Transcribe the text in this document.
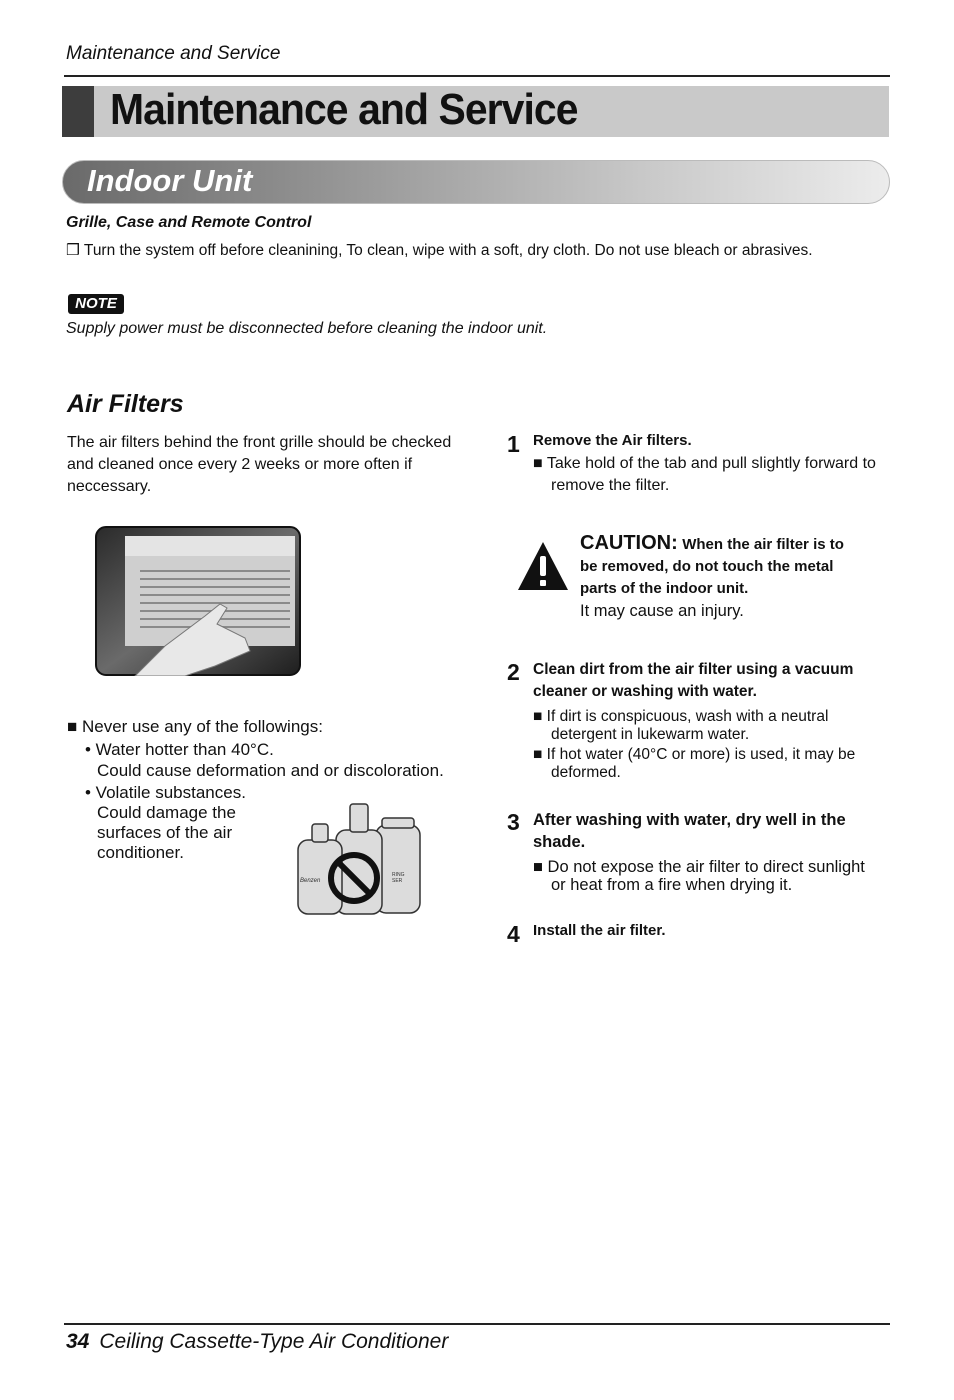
Maintenance and Service
Maintenance and Service
Indoor Unit
Grille, Case and Remote Control
❒ Turn the system off before cleanining, To clean, wipe with a soft, dry cloth. Do not use bleach or abrasives.
NOTE
Supply power must be disconnected before cleaning the indoor unit.
Air Filters
The air filters behind the front grille should be checked
and cleaned once every 2 weeks or more often if
neccessary.
■ Never use any of the followings:
• Water hotter than 40°C.
Could cause deformation and or discoloration.
• Volatile substances.
Could damage the
surfaces of the air
conditioner.
RING
SER
Benzen
1 Remove the Air filters.
■ Take hold of the tab and pull slightly forward to
remove the filter.
CAUTION: When the air filter is to
be removed, do not touch the metal
parts of the indoor unit.
It may cause an injury.
2 Clean dirt from the air filter using a vacuum
cleaner or washing with water.
■ If dirt is conspicuous, wash with a neutral
detergent in lukewarm water.
■ If hot water (40°C or more) is used, it may be
deformed.
3 After washing with water, dry well in the
shade.
■ Do not expose the air filter to direct sunlight
or heat from a fire when drying it.
4 Install the air filter.
34 Ceiling Cassette-Type Air Conditioner
